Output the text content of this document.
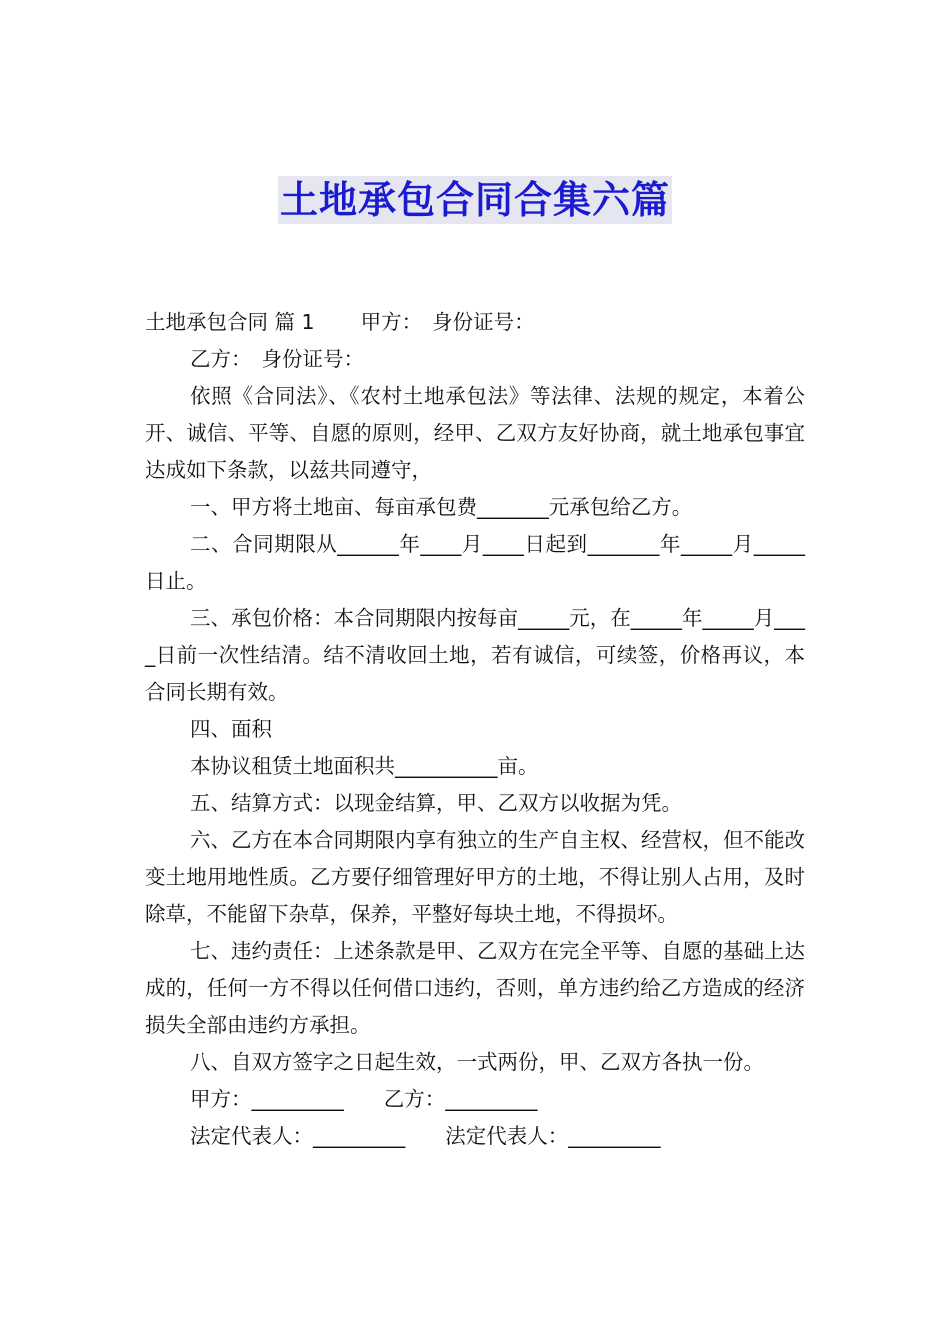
土地承包合同合集六篇

土地承包合同 篇 1 甲方： 身份证号：

乙方： 身份证号：

依照《合同法》、《农村土地承包法》等法律、法规的规定，本着公开、诚信、平等、自愿的原则，经甲、乙双方友好协商，就土地承包事宜达成如下条款，以兹共同遵守，

一、甲方将土地亩、每亩承包费_______元承包给乙方。

二、合同期限从______年____月____日起到_______年_____月_____日止。

三、承包价格：本合同期限内按每亩_____元，在_____年_____月____日前一次性结清。结不清收回土地，若有诚信，可续签，价格再议，本合同长期有效。

四、面积

本协议租赁土地面积共__________亩。

五、结算方式：以现金结算，甲、乙双方以收据为凭。

六、乙方在本合同期限内享有独立的生产自主权、经营权，但不能改变土地用地性质。乙方要仔细管理好甲方的土地，不得让别人占用，及时除草，不能留下杂草，保养，平整好每块土地，不得损坏。

七、违约责任：上述条款是甲、乙双方在完全平等、自愿的基础上达成的，任何一方不得以任何借口违约，否则，单方违约给乙方造成的经济损失全部由违约方承担。

八、自双方签字之日起生效，一式两份，甲、乙双方各执一份。

甲方：_________ 乙方：_________

法定代表人：_________ 法定代表人：_________
